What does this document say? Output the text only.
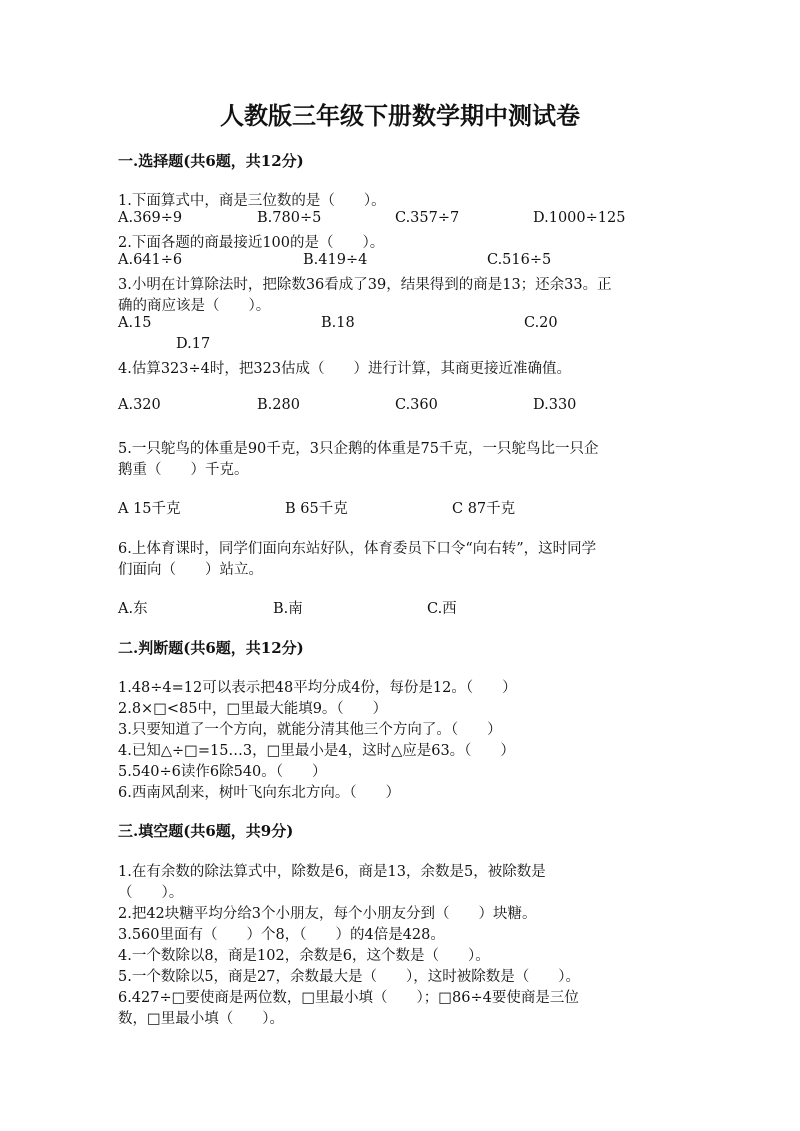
人教版三年级下册数学期中测试卷
一.选择题(共6题，共12分)
1.下面算式中，商是三位数的是（　　）。
A.369÷9	B.780÷5	C.357÷7	D.1000÷125
2.下面各题的商最接近100的是（　　）。
A.641÷6	B.419÷4	C.516÷5
3.小明在计算除法时，把除数36看成了39，结果得到的商是13；还余33。正
确的商应该是（　　）。
A.15	B.18	C.20
D.17
4.估算323÷4时，把323估成（　　）进行计算，其商更接近准确值。
A.320	B.280	C.360	D.330
5.一只鸵鸟的体重是90千克，3只企鹅的体重是75千克，一只鸵鸟比一只企
鹅重（　　）千克。
A 15千克	B 65千克	C 87千克
6.上体育课时，同学们面向东站好队，体育委员下口令“向右转”，这时同学
们面向（　　）站立。
A.东	B.南	C.西
二.判断题(共6题，共12分)
1.48÷4=12可以表示把48平均分成4份，每份是12。（　　）
2.8×□<85中，□里最大能填9。（　　）
3.只要知道了一个方向，就能分清其他三个方向了。（　　）
4.已知△÷□=15…3，□里最小是4，这时△应是63。（　　）
5.540÷6读作6除540。（　　）
6.西南风刮来，树叶飞向东北方向。（　　）
三.填空题(共6题，共9分)
1.在有余数的除法算式中，除数是6，商是13，余数是5，被除数是
（　　）。
2.把42块糖平均分给3个小朋友，每个小朋友分到（　　）块糖。
3.560里面有（　　）个8，（　　）的4倍是428。
4.一个数除以8，商是102，余数是6，这个数是（　　）。
5.一个数除以5，商是27，余数最大是（　　），这时被除数是（　　）。
6.427÷□要使商是两位数，□里最小填（　　）；□86÷4要使商是三位
数，□里最小填（　　）。
